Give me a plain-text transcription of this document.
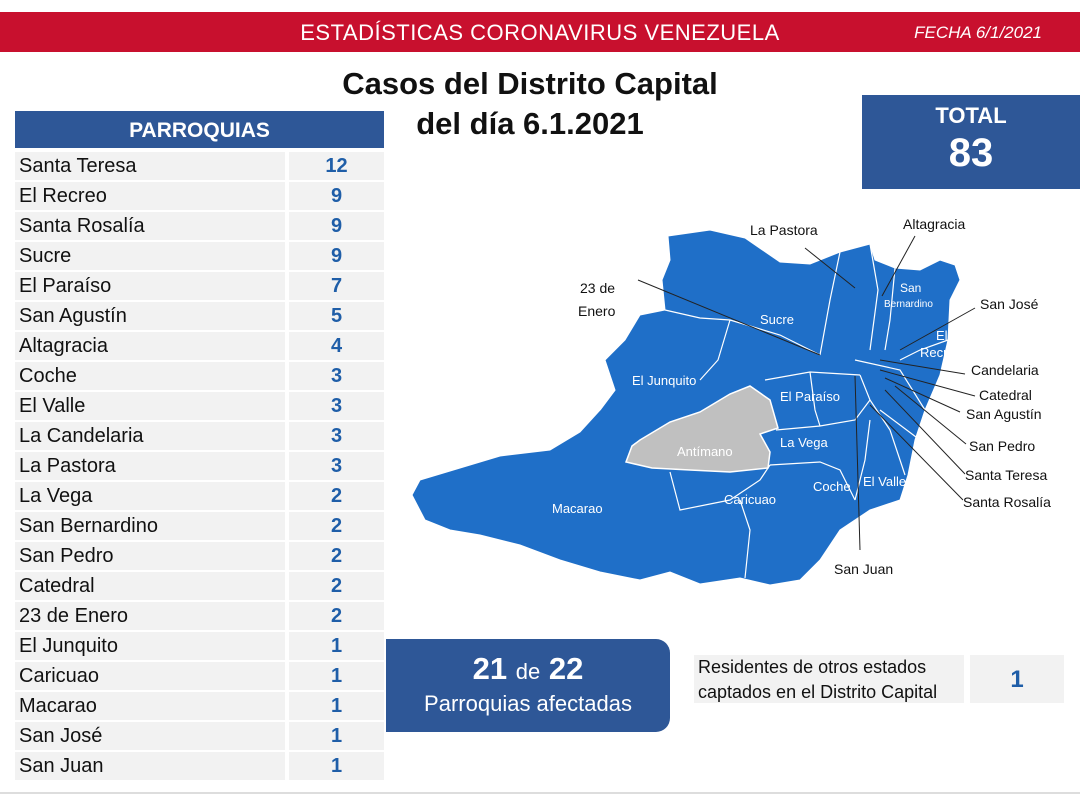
ESTADÍSTICAS CORONAVIRUS VENEZUELA	FECHA 6/1/2021
Casos del Distrito Capital
del día 6.1.2021
PARROQUIAS
Santa Teresa	12
El Recreo	9
Santa Rosalía	9
Sucre	9
El Paraíso	7
San Agustín	5
Altagracia	4
Coche	3
El Valle	3
La Candelaria	3
La Pastora	3
La Vega	2
San Bernardino	2
San Pedro	2
Catedral	2
23 de Enero	2
El Junquito	1
Caricuao	1
Macarao	1
San José	1
San Juan	1
TOTAL
83
La Pastora	Altagracia
23 de
Enero	San José
Candelaria
Catedral
San Agustín
San Pedro
Santa Teresa
Santa Rosalía
San Juan
Sucre
El Junquito
El Paraíso
Antímano
La Vega
Macarao
Caricuao
Coche El Valle
San
Bernardino
El
Recreo
21 de 22
Parroquias afectadas
Residentes de otros estados
captados en el Distrito Capital	1
